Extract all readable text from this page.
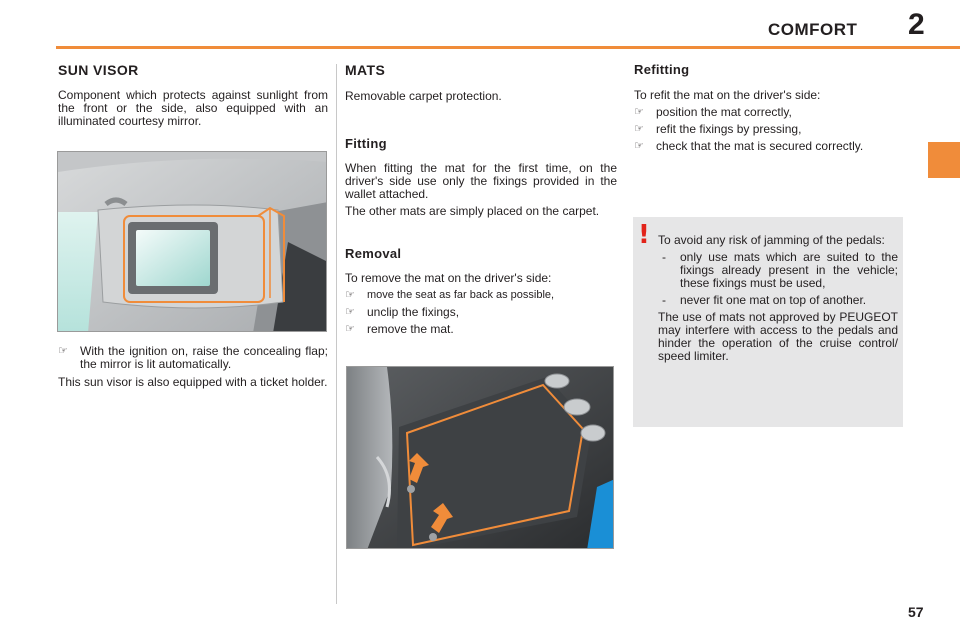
COMFORT 2
SUN VISOR
Component which protects against sunlight from the front or the side, also equipped with an illuminated courtesy mirror.
☞	With the ignition on, raise the concealing flap; the mirror is lit automatically.
This sun visor is also equipped with a ticket holder.
MATS
Removable carpet protection.
Fitting
When fitting the mat for the first time, on the driver's side use only the fixings provided in the wallet attached.
The other mats are simply placed on the carpet.
Removal
To remove the mat on the driver's side:
☞	move the seat as far back as possible,
☞	unclip the fixings,
☞	remove the mat.
Refitting
To refit the mat on the driver's side:
☞	position the mat correctly,
☞	refit the fixings by pressing,
☞	check that the mat is secured correctly.
! To avoid any risk of jamming of the pedals:
-	only use mats which are suited to the fixings already present in the vehicle; these fixings must be used,
-	never fit one mat on top of another.
The use of mats not approved by PEUGEOT may interfere with access to the pedals and hinder the operation of the cruise control/ speed limiter.
57
